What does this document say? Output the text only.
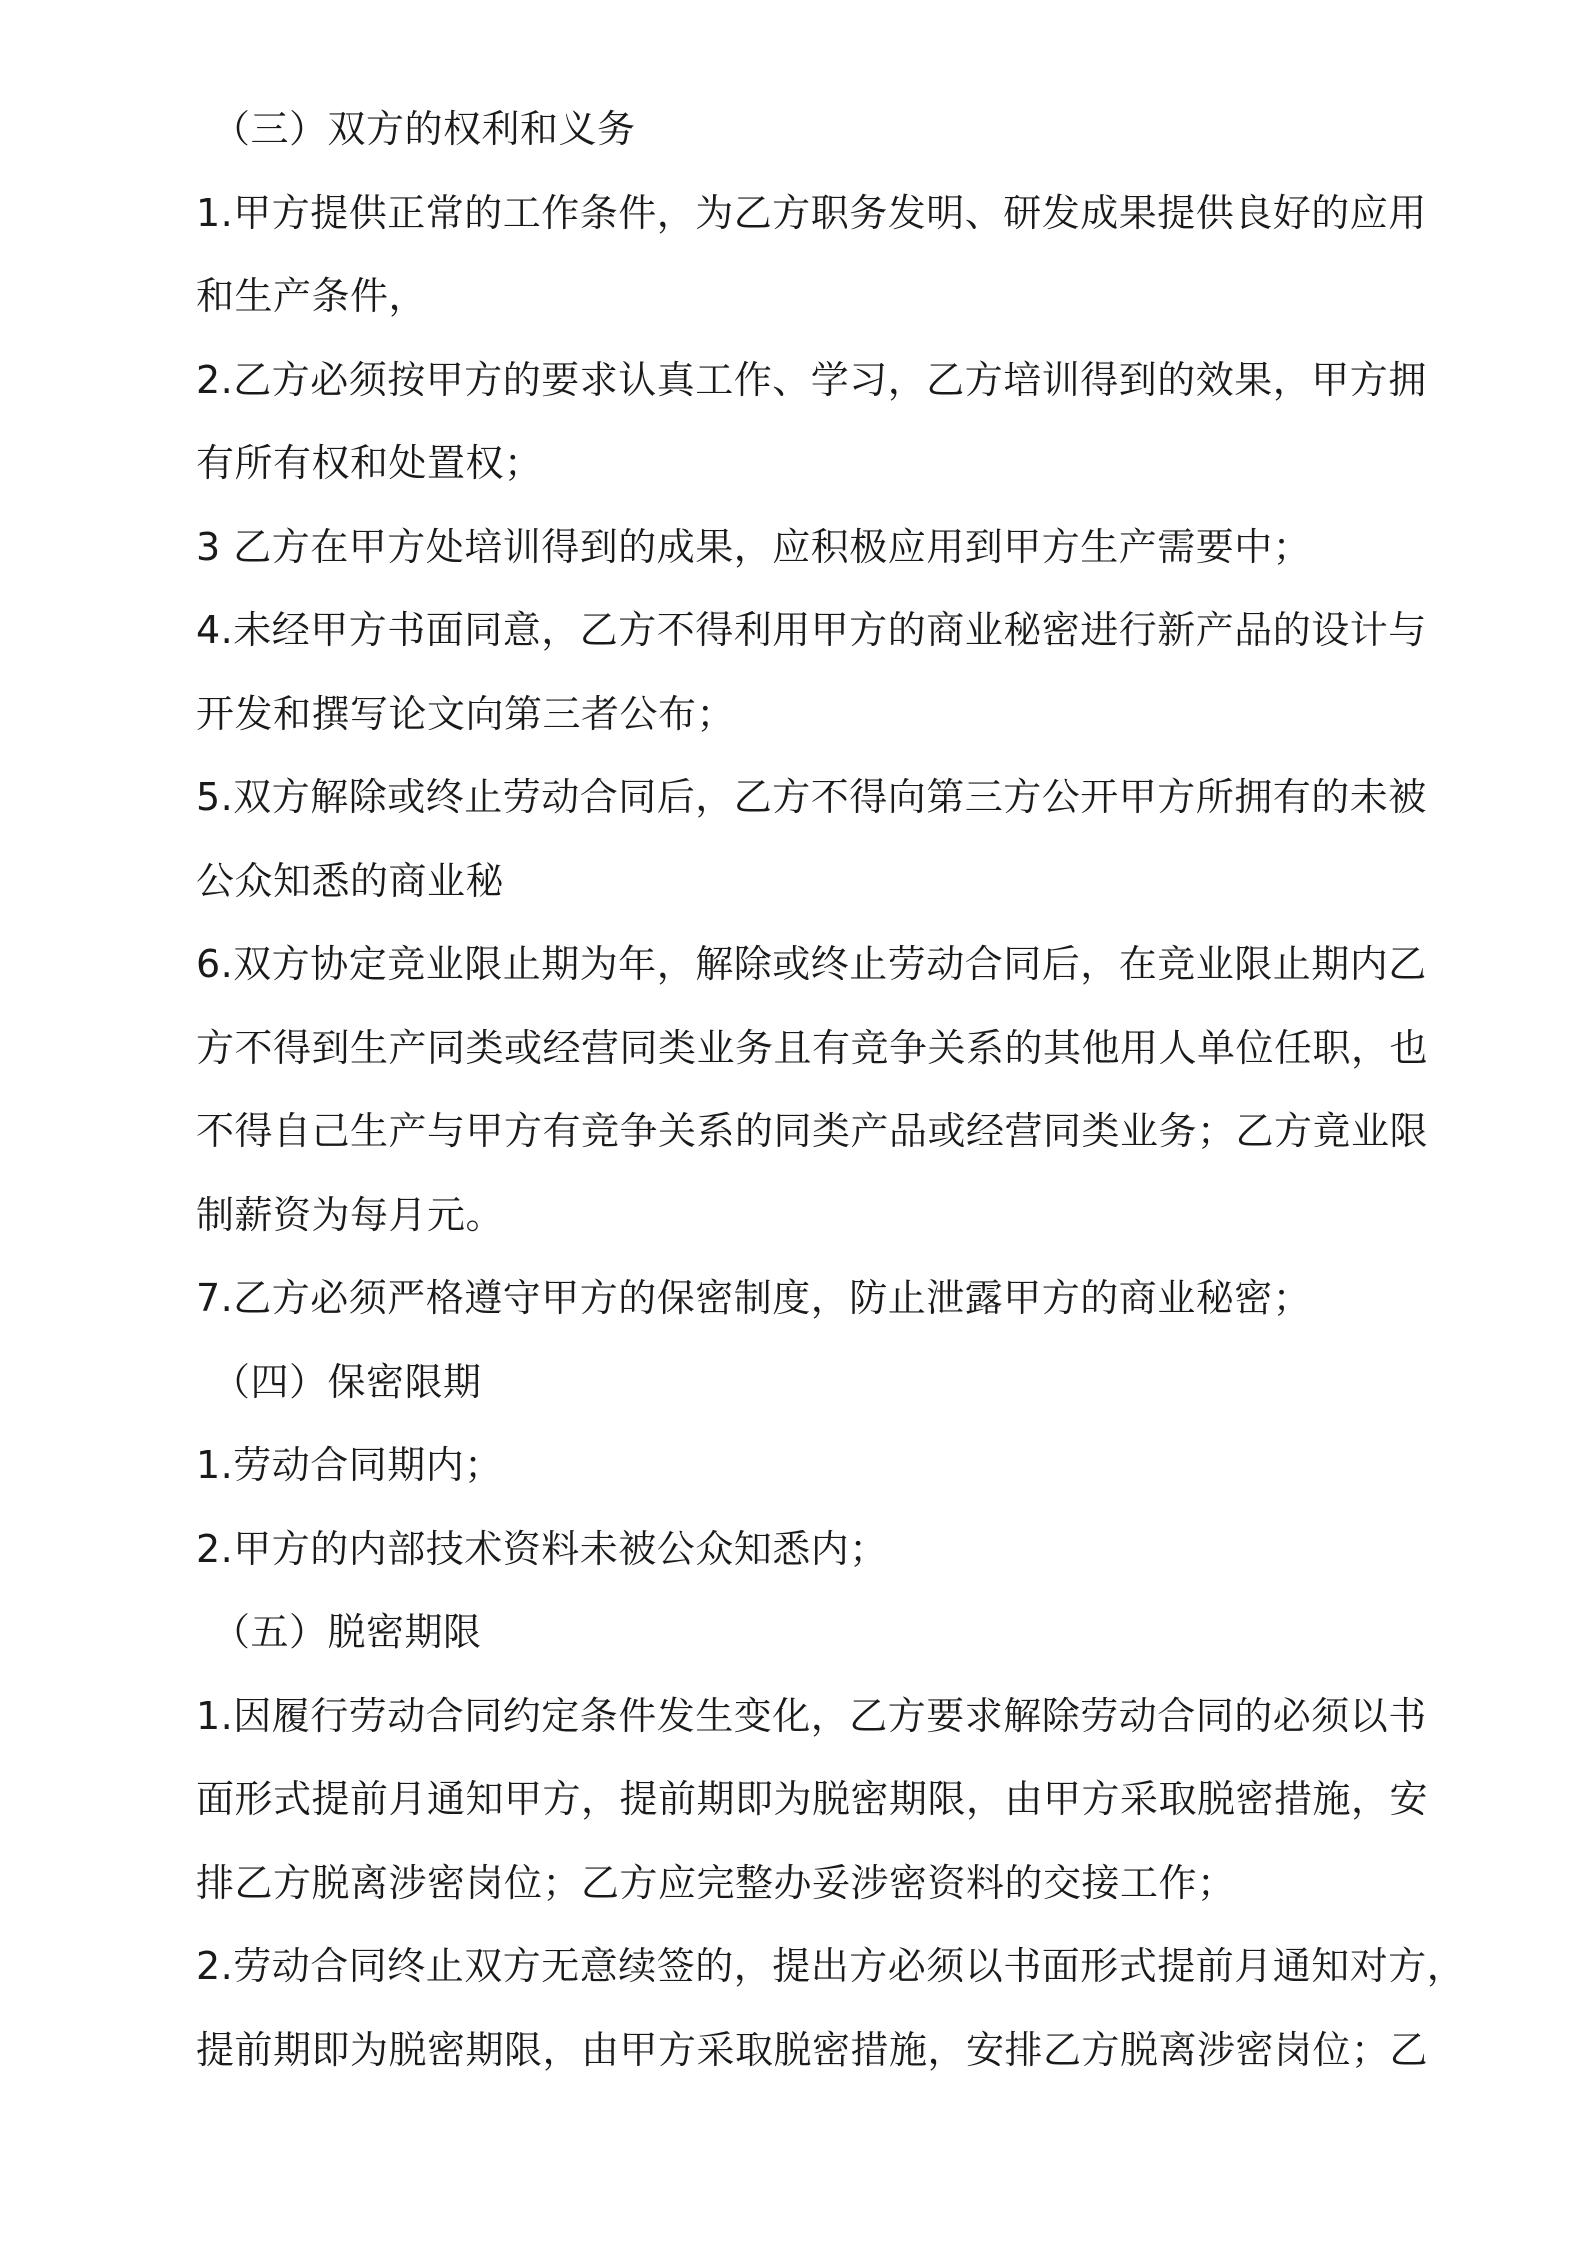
（三）双方的权利和义务
1.甲方提供正常的工作条件，为乙方职务发明、研发成果提供良好的应用
和生产条件，
2.乙方必须按甲方的要求认真工作、学习，乙方培训得到的效果，甲方拥
有所有权和处置权；
3 乙方在甲方处培训得到的成果，应积极应用到甲方生产需要中；
4.未经甲方书面同意，乙方不得利用甲方的商业秘密进行新产品的设计与
开发和撰写论文向第三者公布；
5.双方解除或终止劳动合同后，乙方不得向第三方公开甲方所拥有的未被
公众知悉的商业秘
6.双方协定竞业限止期为年，解除或终止劳动合同后，在竞业限止期内乙
方不得到生产同类或经营同类业务且有竞争关系的其他用人单位任职，也
不得自己生产与甲方有竞争关系的同类产品或经营同类业务；乙方竟业限
制薪资为每月元。
7.乙方必须严格遵守甲方的保密制度，防止泄露甲方的商业秘密；
（四）保密限期
1.劳动合同期内；
2.甲方的内部技术资料未被公众知悉内；
（五）脱密期限
1.因履行劳动合同约定条件发生变化，乙方要求解除劳动合同的必须以书
面形式提前月通知甲方，提前期即为脱密期限，由甲方采取脱密措施，安
排乙方脱离涉密岗位；乙方应完整办妥涉密资料的交接工作；
2.劳动合同终止双方无意续签的，提出方必须以书面形式提前月通知对方，
提前期即为脱密期限，由甲方采取脱密措施，安排乙方脱离涉密岗位；乙
